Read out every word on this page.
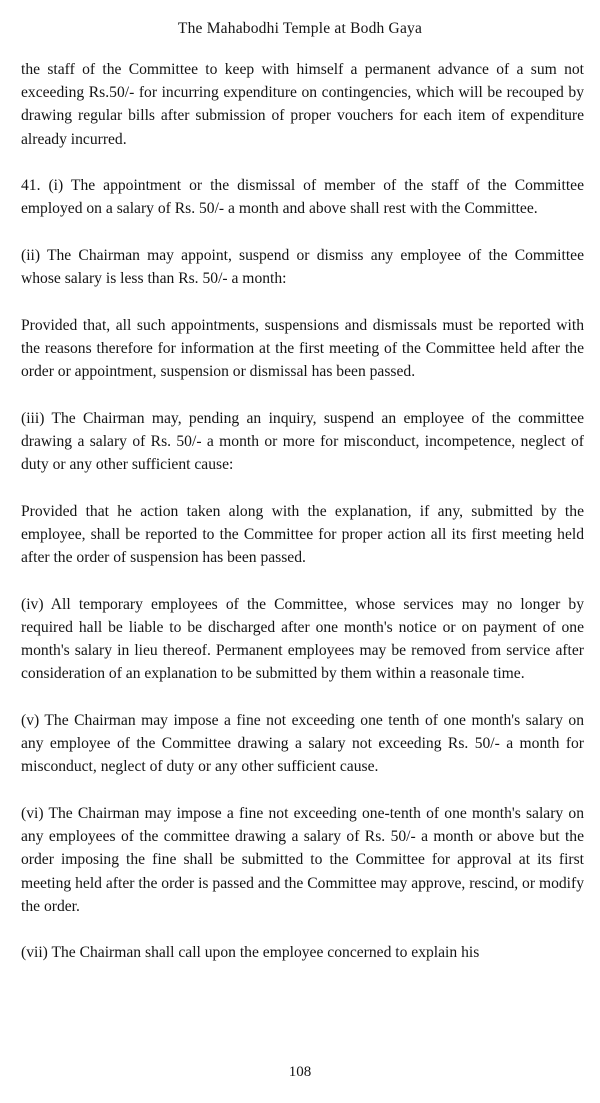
The Mahabodhi Temple at Bodh Gaya

the staff of the Committee to keep with himself a permanent advance of a sum not exceeding Rs.50/- for incurring expenditure on contingencies, which will be recouped by drawing regular bills after submission of proper vouchers for each item of expenditure already incurred.

41. (i) The appointment or the dismissal of member of the staff of the Committee employed on a salary of Rs. 50/- a month and above shall rest with the Committee.

(ii) The Chairman may appoint, suspend or dismiss any employee of the Committee whose salary is less than Rs. 50/- a month:

Provided that, all such appointments, suspensions and dismissals must be reported with the reasons therefore for information at the first meeting of the Committee held after the order or appointment, suspension or dismissal has been passed.

(iii) The Chairman may, pending an inquiry, suspend an employee of the committee drawing a salary of Rs. 50/- a month or more for misconduct, incompetence, neglect of duty or any other sufficient cause:

Provided that he action taken along with the explanation, if any, submitted by the employee, shall be reported to the Committee for proper action all its first meeting held after the order of suspension has been passed.

(iv) All temporary employees of the Committee, whose services may no longer by required hall be liable to be discharged after one month's notice or on payment of one month's salary in lieu thereof. Permanent employees may be removed from service after consideration of an explanation to be submitted by them within a reasonale time.

(v) The Chairman may impose a fine not exceeding one tenth of one month's salary on any employee of the Committee drawing a salary not exceeding Rs. 50/- a month for misconduct, neglect of duty or any other sufficient cause.

(vi) The Chairman may impose a fine not exceeding one-tenth of one month's salary on any employees of the committee drawing a salary of Rs. 50/- a month or above but the order imposing the fine shall be submitted to the Committee for approval at its first meeting held after the order is passed and the Committee may approve, rescind, or modify the order.

(vii) The Chairman shall call upon the employee concerned to explain his

108
